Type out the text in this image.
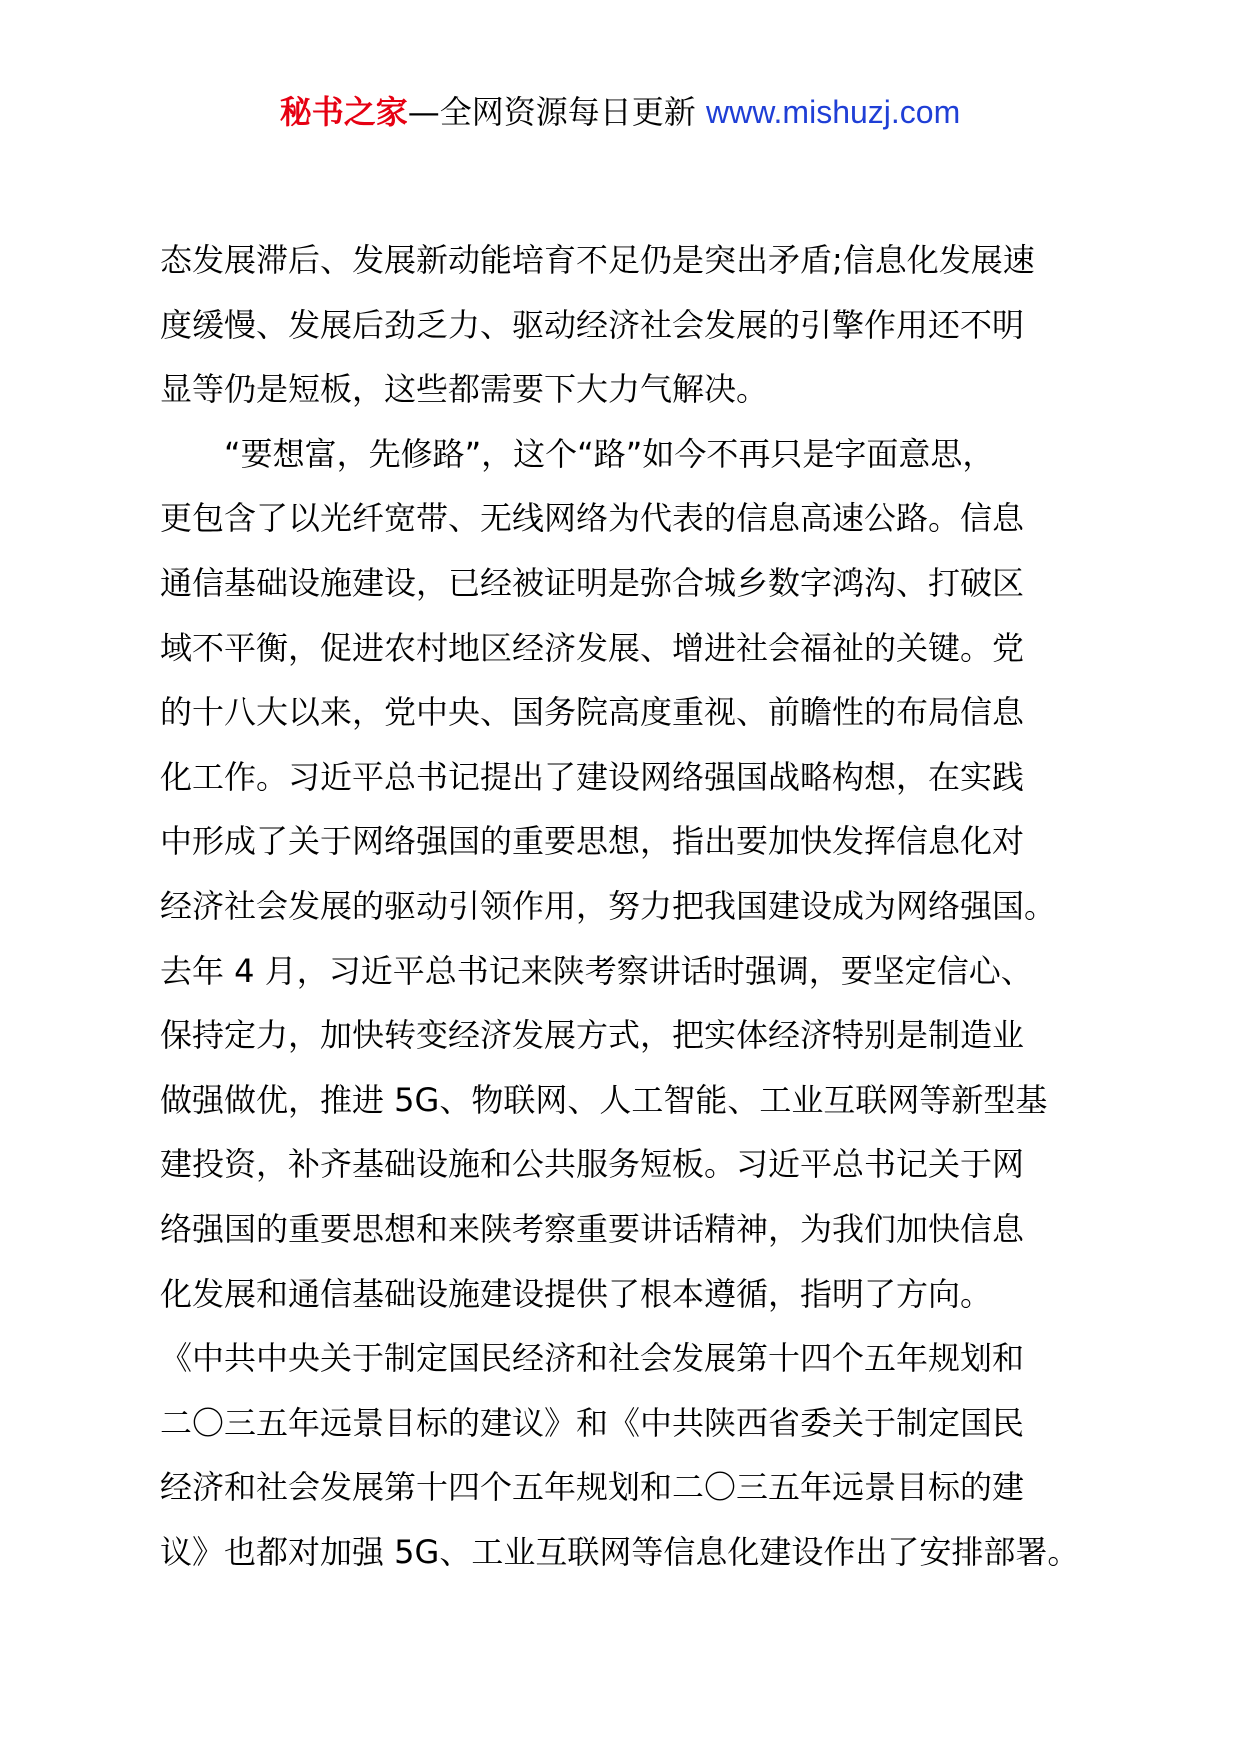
秘书之家—全网资源每日更新 www.mishuzj.com
态发展滞后、发展新动能培育不足仍是突出矛盾;信息化发展速
度缓慢、发展后劲乏力、驱动经济社会发展的引擎作用还不明
显等仍是短板，这些都需要下大力气解决。
“要想富，先修路”，这个“路”如今不再只是字面意思，
更包含了以光纤宽带、无线网络为代表的信息高速公路。信息
通信基础设施建设，已经被证明是弥合城乡数字鸿沟、打破区
域不平衡，促进农村地区经济发展、增进社会福祉的关键。党
的十八大以来，党中央、国务院高度重视、前瞻性的布局信息
化工作。习近平总书记提出了建设网络强国战略构想，在实践
中形成了关于网络强国的重要思想，指出要加快发挥信息化对
经济社会发展的驱动引领作用，努力把我国建设成为网络强国。
去年 4 月，习近平总书记来陕考察讲话时强调，要坚定信心、
保持定力，加快转变经济发展方式，把实体经济特别是制造业
做强做优，推进 5G、物联网、人工智能、工业互联网等新型基
建投资，补齐基础设施和公共服务短板。习近平总书记关于网
络强国的重要思想和来陕考察重要讲话精神，为我们加快信息
化发展和通信基础设施建设提供了根本遵循，指明了方向。
《中共中央关于制定国民经济和社会发展第十四个五年规划和
二〇三五年远景目标的建议》和《中共陕西省委关于制定国民
经济和社会发展第十四个五年规划和二〇三五年远景目标的建
议》也都对加强 5G、工业互联网等信息化建设作出了安排部署。
